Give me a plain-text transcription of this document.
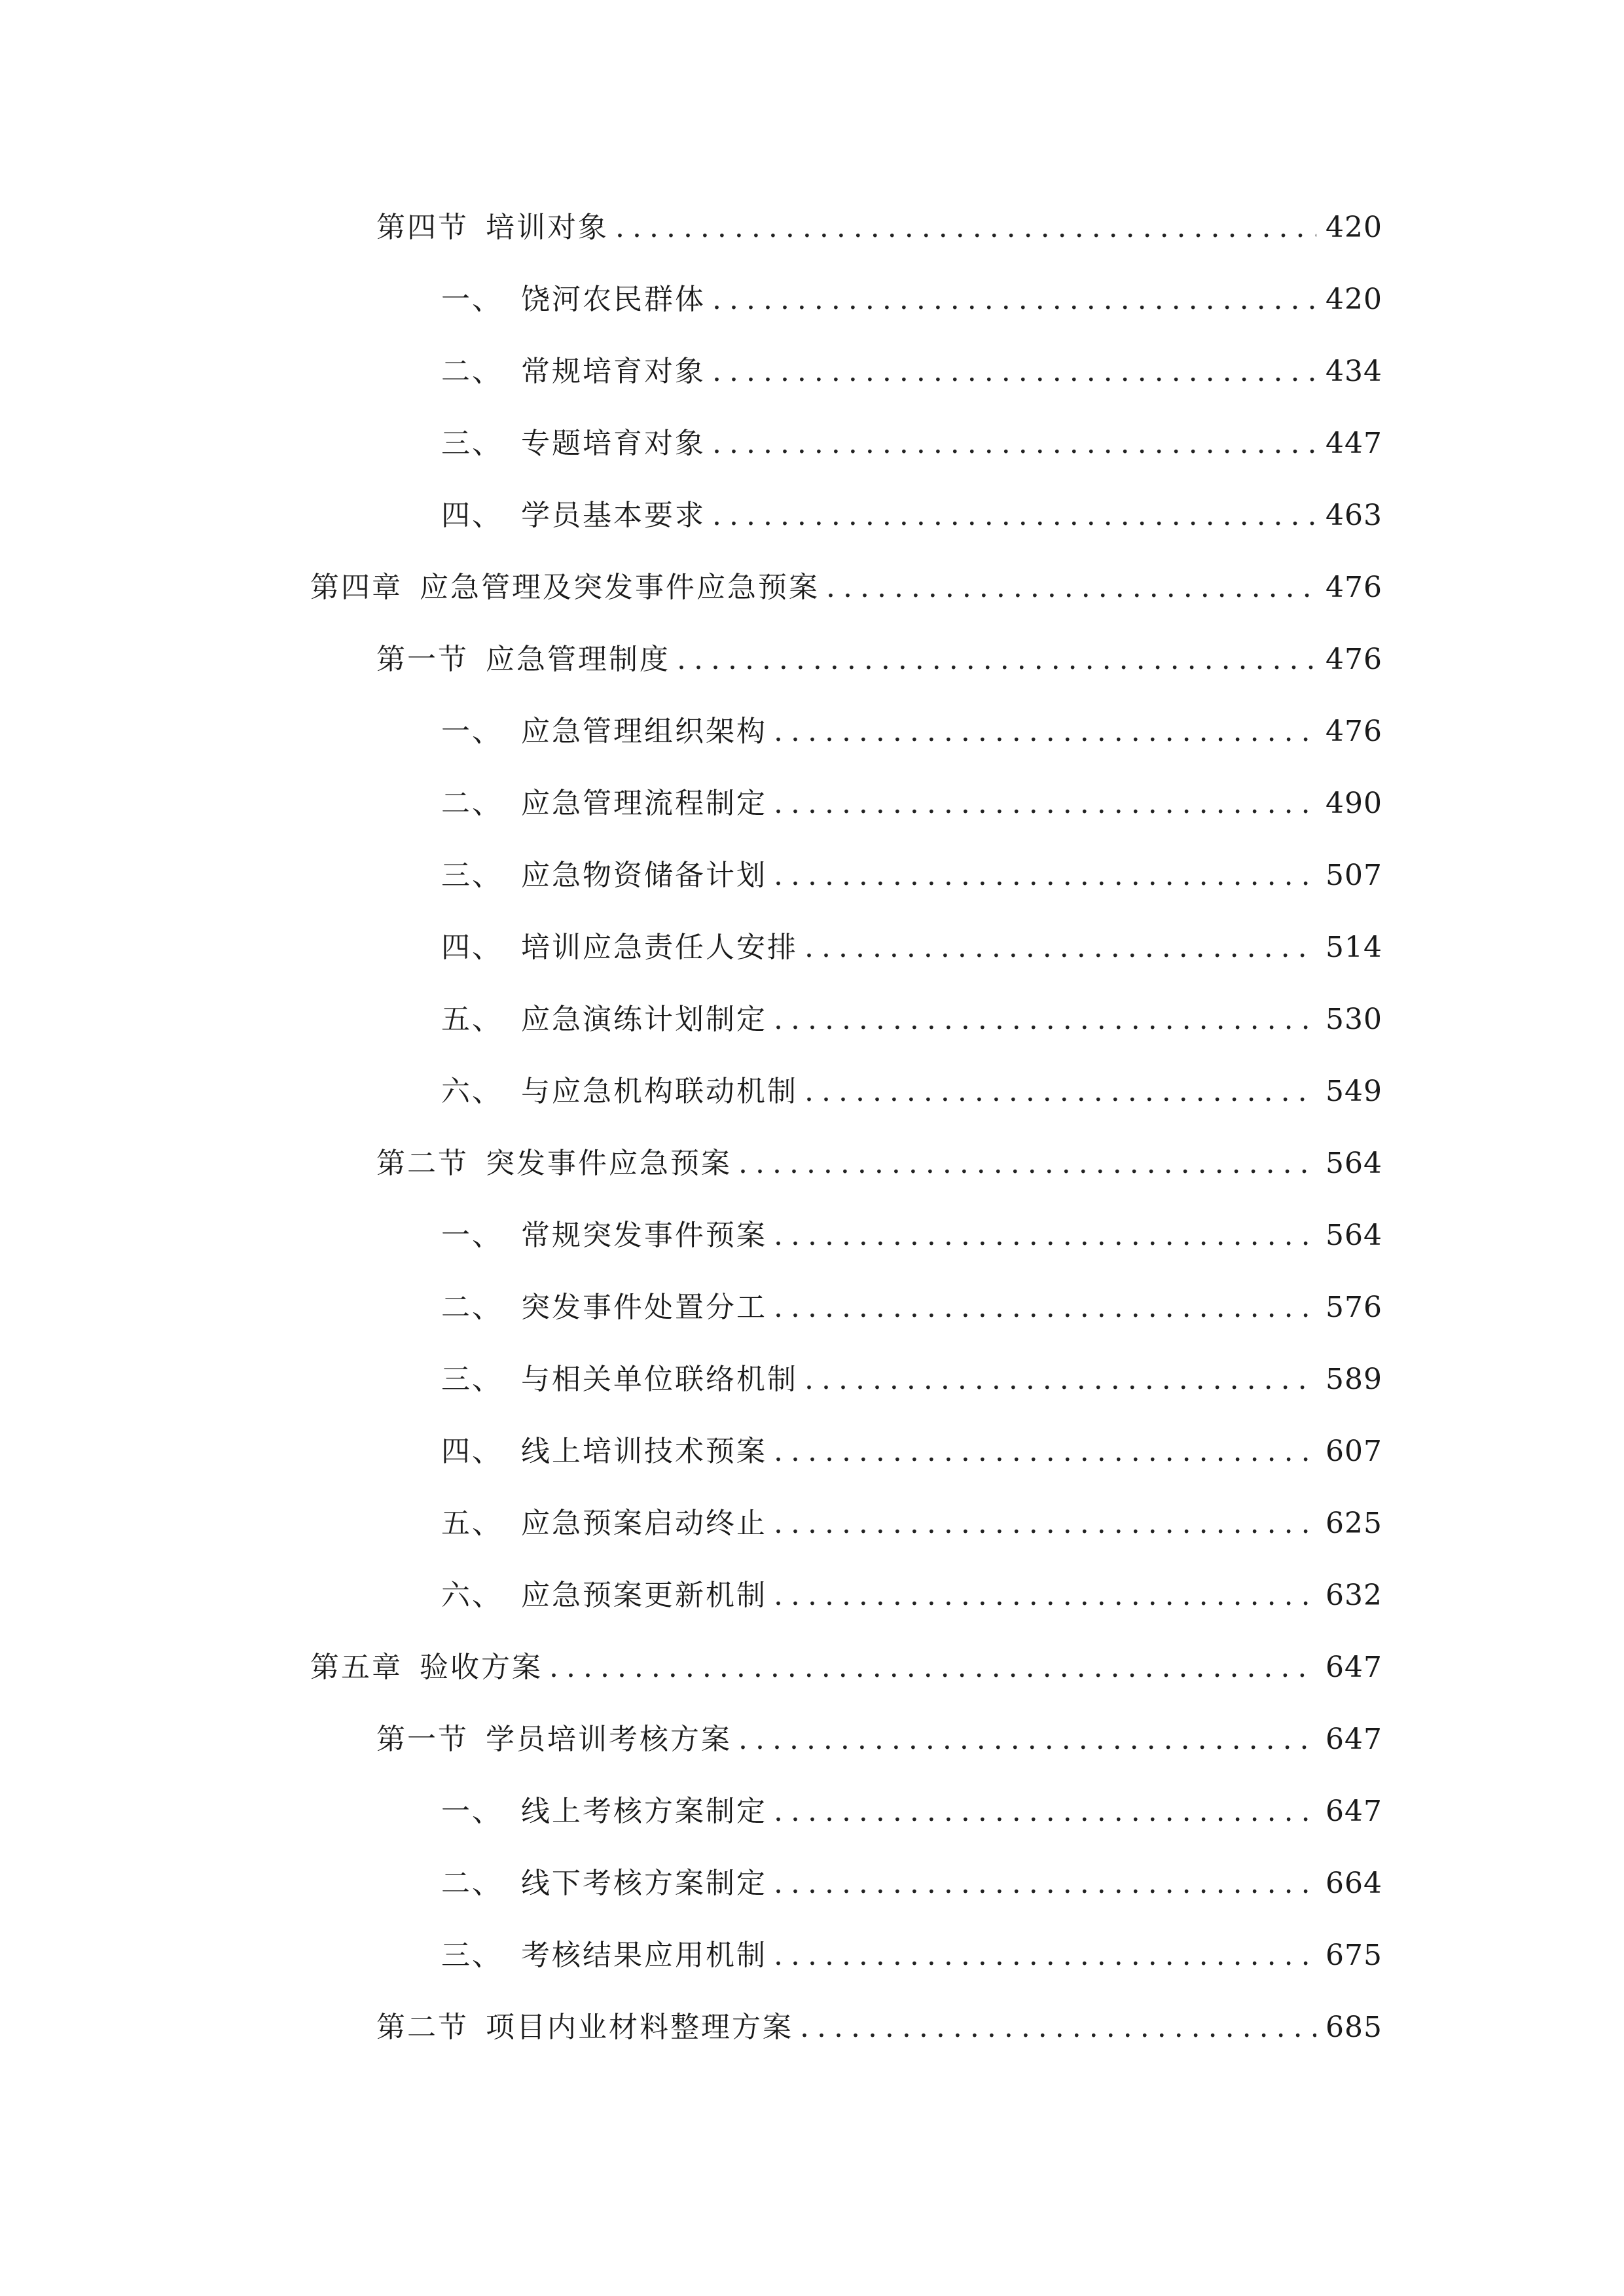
第四节 培训对象 .....	420
一、 饶河农民群体 .....	420
二、 常规培育对象 .....	434
三、 专题培育对象 .....	447
四、 学员基本要求 .....	463
第四章 应急管理及突发事件应急预案 .....	476
第一节 应急管理制度 .....	476
一、 应急管理组织架构 .....	476
二、 应急管理流程制定 .....	490
三、 应急物资储备计划 .....	507
四、 培训应急责任人安排 .....	514
五、 应急演练计划制定 .....	530
六、 与应急机构联动机制 .....	549
第二节 突发事件应急预案 .....	564
一、 常规突发事件预案 .....	564
二、 突发事件处置分工 .....	576
三、 与相关单位联络机制 .....	589
四、 线上培训技术预案 .....	607
五、 应急预案启动终止 .....	625
六、 应急预案更新机制 .....	632
第五章 验收方案 .....	647
第一节 学员培训考核方案 .....	647
一、 线上考核方案制定 .....	647
二、 线下考核方案制定 .....	664
三、 考核结果应用机制 .....	675
第二节 项目内业材料整理方案 .....	685
